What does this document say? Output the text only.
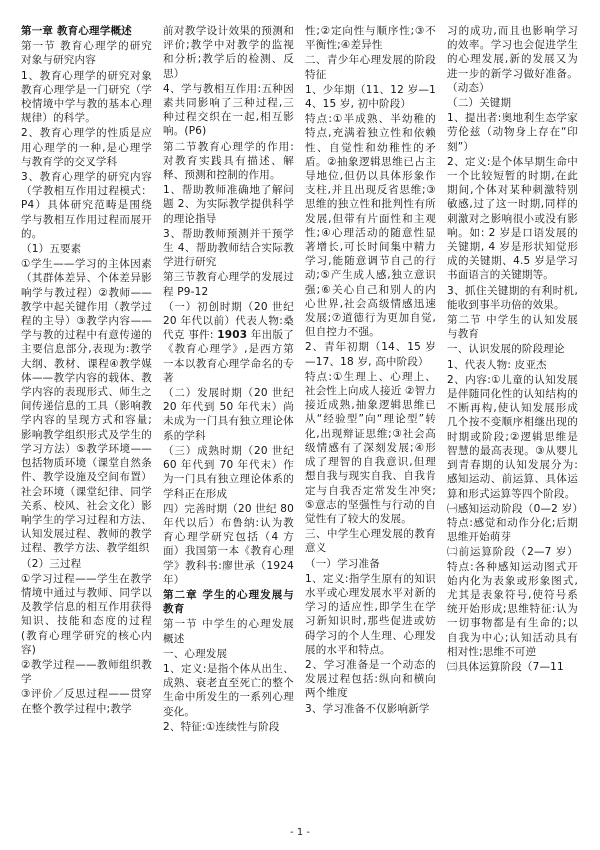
第一章 教育心理学概述

第一节 教育心理学的研究对象与研究内容

1、教育心理学的研究对象 教育心理学是一门研究（学校情境中学与教的基本心理规律）的科学。

2、教育心理学的性质是应用心理学的一种,是心理学与教育学的交叉学科

3、教育心理学的研究内容（学教相互作用过程模式：P4）具体研究范畴是围绕学与教相互作用过程而展开的。

（1）五要素

①学生——学习的主体因素（其群体差异、个体差异影响学与教过程）②教师——教学中起关键作用（教学过程的主导）③教学内容——学与教的过程中有意传递的主要信息部分,表现为:教学大纲、教材、课程④教学媒体——教学内容的载体、教学内容的表现形式、师生之间传递信息的工具（影响教学内容的呈现方式和容量;影响教学组织形式及学生的学习方法）⑤教学环境——包括物质环境（课堂自然条件、教学设施及空间布置）社会环境（课堂纪律、同学关系、校风、社会文化）影响学生的学习过程和方法、认知发展过程、教师的教学过程、教学方法、教学组织

（2）三过程

①学习过程——学生在教学情境中通过与教师、同学以及教学信息的相互作用获得知识、技能和态度的过程(教育心理学研究的核心内容)

②教学过程——教师组织教学

③评价／反思过程——贯穿在整个教学过程中;教学

前对教学设计效果的预测和评价;教学中对教学的监视和分析;教学后的检测、反思）

4、学与教相互作用:五种因素共同影响了三种过程,三种过程交织在一起,相互影响。(P6)

第二节教育心理学的作用:对教育实践具有描述、解释、预测和控制的作用。

1、帮助教师准确地了解问题 2、为实际教学提供科学的理论指导

3、帮助教师预测并干预学生 4、帮助教师结合实际教学进行研究

第三节教育心理学的发展过程 P9-12

（一）初创时期（20 世纪 20 年代以前）代表人物:桑代克 事件: 1903 年出版了《教育心理学》,是西方第一本以教育心理学命名的专著

（二）发展时期（20 世纪 20 年代到 50 年代末）尚未成为一门具有独立理论体系的学科

（三）成熟时期（20 世纪 60 年代到 70 年代末）作为一门具有独立理论体系的学科正在形成

四）完善时期（20 世纪 80 年代以后）布鲁纳:认为教育心理学研究包括（4 方面）我国第一本《教育心理学》教科书:廖世承（1924 年）

第二章 学生的心理发展与教育

第一节 中学生的心理发展概述

一、心理发展

1、定义:是指个体从出生、成熟、衰老直至死亡的整个生命中所发生的一系列心理变化。

2、特征:①连续性与阶段

性;②定向性与顺序性;③不平衡性;④差异性

二、青少年心理发展的阶段特征

1、少年期（11、12 岁—14、15 岁, 初中阶段）

特点:①半成熟、半幼稚的特点,充满着独立性和依赖性、自觉性和幼稚性的矛盾。②抽象逻辑思维已占主导地位,但仍以具体形象作支柱,并且出现反省思维;③思维的独立性和批判性有所发展,但带有片面性和主观性;④心理活动的随意性显著增长,可长时间集中精力学习,能随意调节自己的行动;⑤产生成人感,独立意识强;⑥关心自己和别人的内心世界,社会高级情感迅速发展;⑦道德行为更加自觉,但自控力不强。

2、青年初期（14、15 岁—17、18 岁, 高中阶段）

特点:①生理上、心理上、社会性上向成人接近 ②智力接近成熟,抽象逻辑思维已从“经验型”向“理论型”转化,出现辩证思维;③社会高级情感有了深刻发展;④形成了理智的自我意识,但理想自我与现实自我、自我肯定与自我否定常发生冲突;⑤意志的坚强性与行动的自觉性有了较大的发展。

三、中学生心理发展的教育意义

（一）学习准备

1、定义:指学生原有的知识水平或心理发展水平对新的学习的适应性,即学生在学习新知识时,那些促进或妨碍学习的个人生理、心理发展的水平和特点。

2、学习准备是一个动态的发展过程包括:纵向和横向两个维度

3、学习准备不仅影响新学

习的成功,而且也影响学习的效率。学习也会促进学生的心理发展,新的发展又为进一步的新学习做好准备。（动态）

（二）关键期

1、提出者:奥地利生态学家劳伦兹（动物身上存在“印刻”）

2、定义:是个体早期生命中一个比较短暂的时期,在此期间,个体对某种刺激特别敏感,过了这一时期,同样的刺激对之影响很小或没有影响。如: 2 岁是口语发展的关键期, 4 岁是形状知觉形成的关键期、4.5 岁是学习书面语言的关键期等。

3、抓住关键期的有利时机,能收到事半功倍的效果。

第二节 中学生的认知发展与教育

一、认识发展的阶段理论

1、代表人物: 皮亚杰

2、内容:①儿童的认知发展是伴随同化性的认知结构的不断再构,使认知发展形成几个按不变顺序相继出现的时期或阶段;②逻辑思维是智慧的最高表现。③从婴儿到青春期的认知发展分为:感知运动、前运算、具体运算和形式运算等四个阶段。

㈠感知运动阶段（0—2 岁）特点:感觉和动作分化;后期思维开始萌芽

㈡前运算阶段（2—7 岁）特点:各种感知运动图式开始内化为表象或形象图式,尤其是表象符号,使符号系统开始形成;思维特征:认为一切事物都是有生命的;以自我为中心;认知活动具有相对性;思维不可逆

㈢具体运算阶段（7—11

- 1 -
